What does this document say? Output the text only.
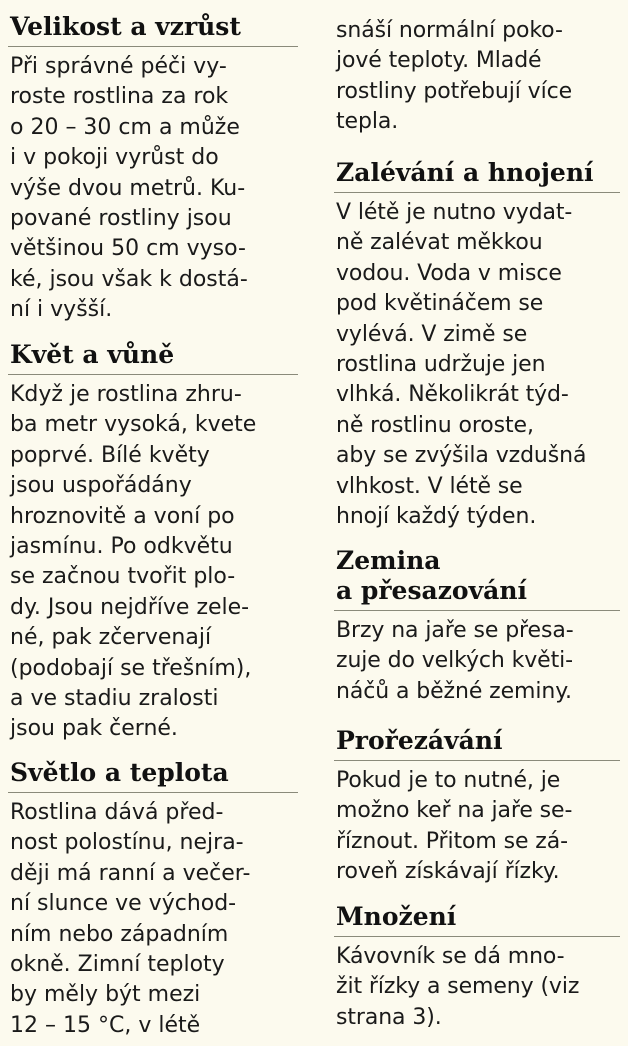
Velikost a vzrůst

Při správné péči vy-

roste rostlina za rok

o 20 – 30 cm a může

i v pokoji vyrůst do

výše dvou metrů. Ku-

pované rostliny jsou

většinou 50 cm vyso-

ké, jsou však k dostá-

ní i vyšší.

Květ a vůně

Když je rostlina zhru-

ba metr vysoká, kvete

poprvé. Bílé květy

jsou uspořádány

hroznovitě a voní po

jasmínu. Po odkvětu

se začnou tvořit plo-

dy. Jsou nejdříve zele-

né, pak zčervenají

(podobají se třešním),

a ve stadiu zralosti

jsou pak černé.

Světlo a teplota

Rostlina dává před-

nost polostínu, nejra-

ději má ranní a večer-

ní slunce ve východ-

ním nebo západním

okně. Zimní teploty

by měly být mezi

12 – 15 °C, v létě

snáší normální poko-

jové teploty. Mladé

rostliny potřebují více

tepla.

Zalévání a hnojení

V létě je nutno vydat-

ně zalévat měkkou

vodou. Voda v misce

pod květináčem se

vylévá. V zimě se

rostlina udržuje jen

vlhká. Několikrát týd-

ně rostlinu oroste,

aby se zvýšila vzdušná

vlhkost. V létě se

hnojí každý týden.

Zemina
a přesazování

Brzy na jaře se přesa-

zuje do velkých květi-

náčů a běžné zeminy.

Prořezávání

Pokud je to nutné, je

možno keř na jaře se-

říznout. Přitom se zá-

roveň získávají řízky.

Množení

Kávovník se dá mno-

žit řízky a semeny (viz

strana 3).
